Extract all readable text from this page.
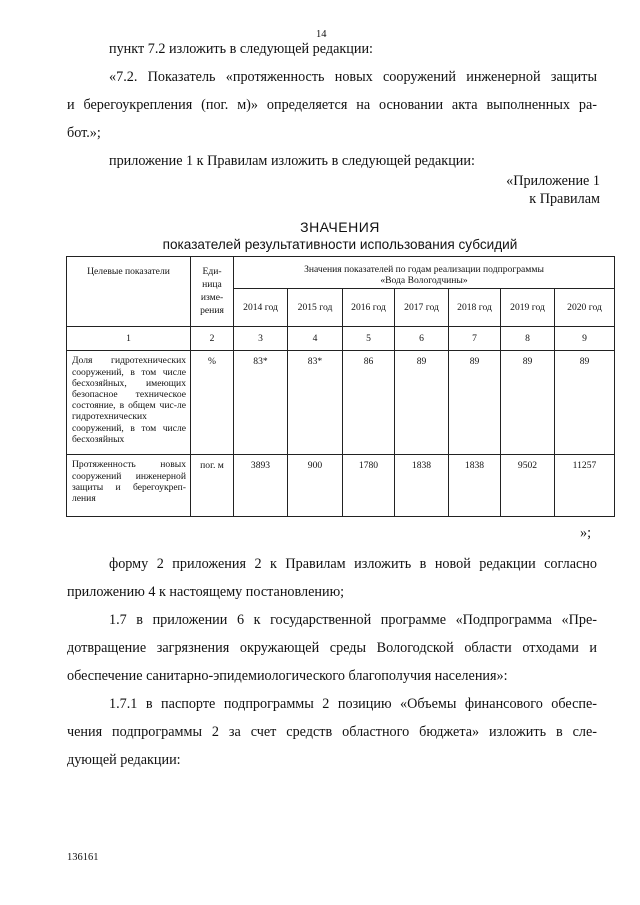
14
пункт 7.2 изложить в следующей редакции:
«7.2. Показатель «протяженность новых сооружений инженерной защиты
и берегоукрепления (пог. м)» определяется на основании акта выполненных ра-
бот.»;
приложение 1 к Правилам изложить в следующей редакции:
«Приложение 1
к Правилам
ЗНАЧЕНИЯ
показателей результативности использования субсидий
Целевые показатели	Еди-ница изме-рения	Значения показателей по годам реализации подпрограммы «Вода Вологодчины»						
		2014 год	2015 год	2016 год	2017 год	2018 год	2019 год	2020 год
1	2	3	4	5	6	7	8	9
Доля гидротехнических сооружений, в том числе бесхозяйных, имеющих безопасное техническое состояние, в общем чис-ле гидротехнических сооружений, в том числе бесхозяйных	%	83*	83*	86	89	89	89	89
Протяженность новых сооружений инженерной защиты и берегоукреп-ления	пог. м	3893	900	1780	1838	1838	9502	11257
»;
форму 2 приложения 2 к Правилам изложить в новой редакции согласно
приложению 4 к настоящему постановлению;
1.7 в приложении 6 к государственной программе «Подпрограмма «Пре-
дотвращение загрязнения окружающей среды Вологодской области отходами и
обеспечение санитарно-эпидемиологического благополучия населения»:
1.7.1 в паспорте подпрограммы 2 позицию «Объемы финансового обеспе-
чения подпрограммы 2 за счет средств областного бюджета» изложить в сле-
дующей редакции:
136161
